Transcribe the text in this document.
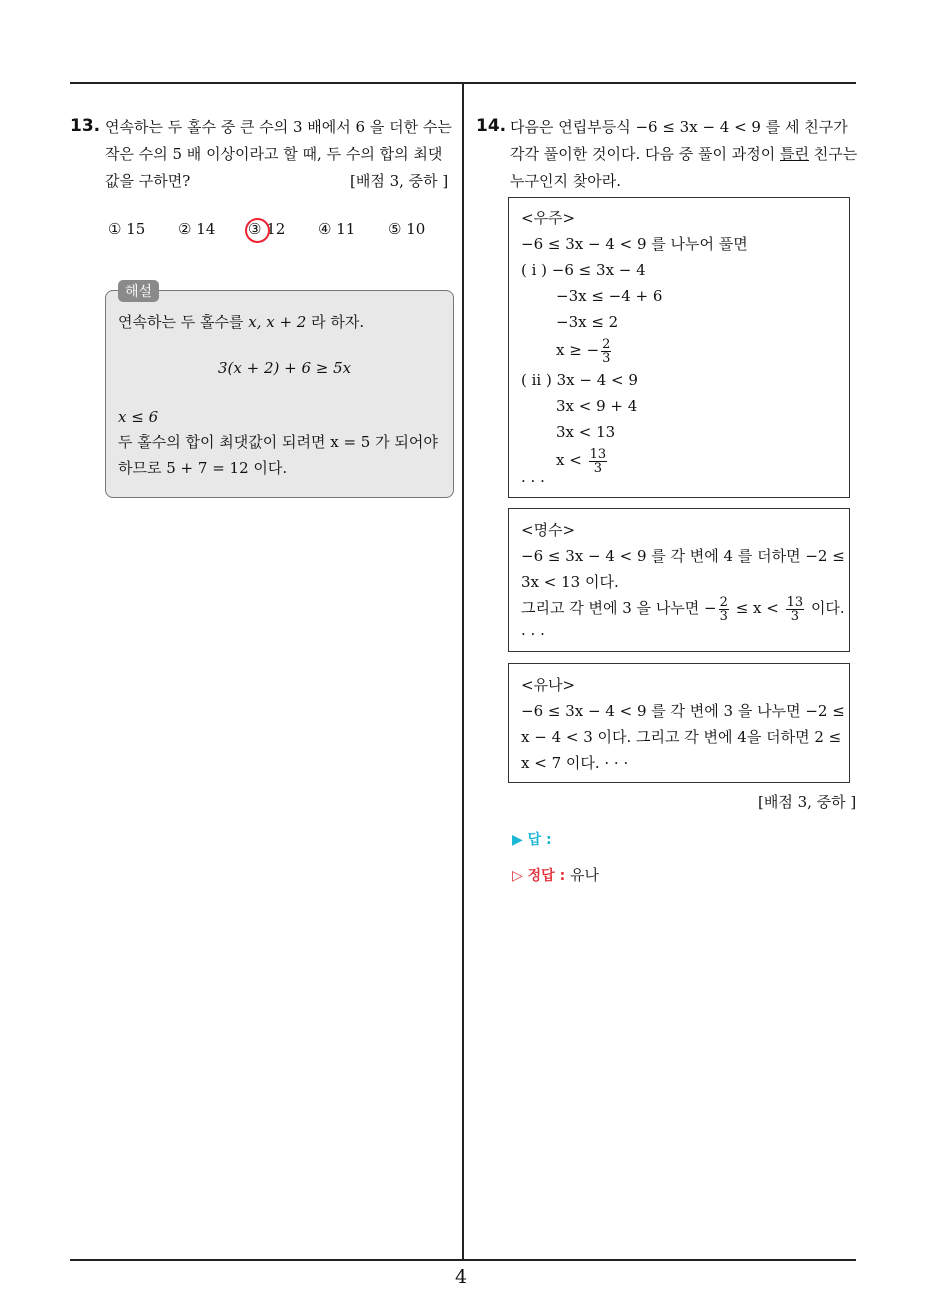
13. 연속하는 두 홀수 중 큰 수의 3 배에서 6 을 더한 수는
작은 수의 5 배 이상이라고 할 때, 두 수의 합의 최댓
값을 구하면?	[배점 3, 중하 ]
① 15 ② 14 ③ 12 ④ 11 ⑤ 10
해설
연속하는 두 홀수를 x, x + 2 라 하자.
3(x + 2) + 6 ≥ 5x
x ≤ 6
두 홀수의 합이 최댓값이 되려면 x = 5 가 되어야
하므로 5 + 7 = 12 이다.
14. 다음은 연립부등식 −6 ≤ 3x − 4 < 9 를 세 친구가
각각 풀이한 것이다. 다음 중 풀이 과정이 틀린 친구는
누구인지 찾아라.
<우주>
−6 ≤ 3x − 4 < 9 를 나누어 풀면
( i ) −6 ≤ 3x − 4
−3x ≤ −4 + 6
−3x ≤ 2
x ≥ − $\frac{2}{3}$
( ii ) 3x − 4 < 9
3x < 9 + 4
3x < 13
$x < \frac{13}{3}$
· · ·
<명수>
−6 ≤ 3x − 4 < 9 를 각 변에 4 를 더하면 −2 ≤
3x < 13 이다.
그리고 각 변에 3 을 나누면 − $\frac{2}{3} \le x < \frac{13}{3}$ 이다.
· · ·
<유나>
−6 ≤ 3x − 4 < 9 를 각 변에 3 을 나누면 −2 ≤
x − 4 < 3 이다. 그리고 각 변에 4을 더하면 2 ≤
x < 7 이다. · · ·
[배점 3, 중하 ]
▶ 답 :
▷ 정답 : 유나
4
